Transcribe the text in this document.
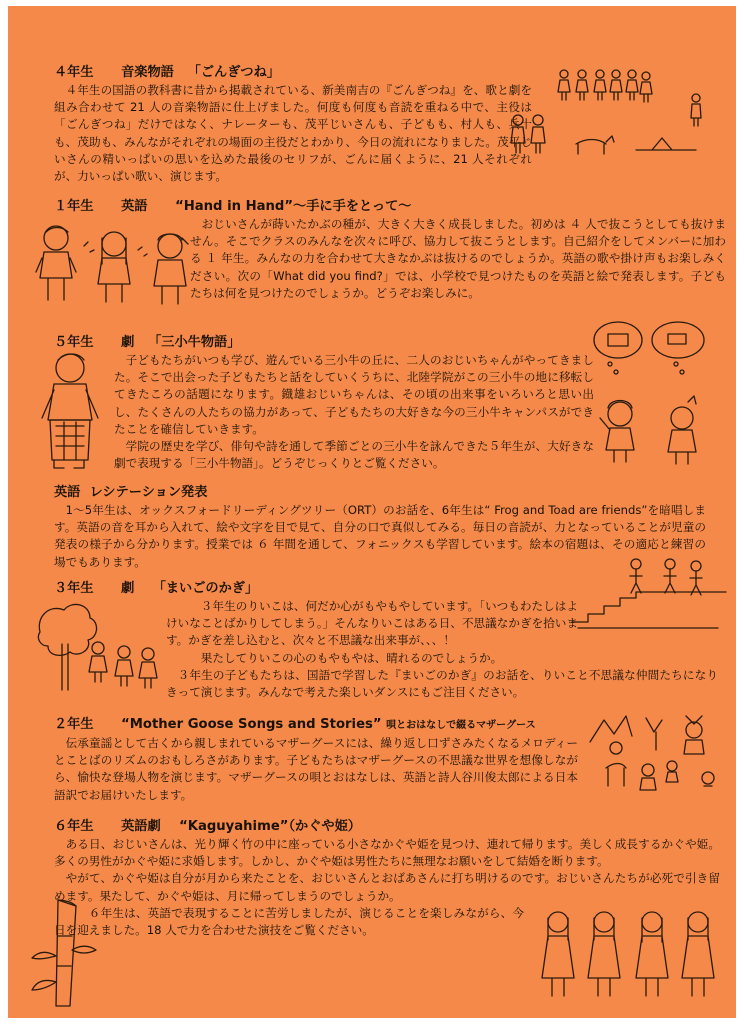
４年生 音楽物語 「ごんぎつね」

４年生の国語の教科書に昔から掲載されている、新美南吉の『ごんぎつね』を、歌と劇を組み合わせて 21 人の音楽物語に仕上げました。何度も何度も音読を重ねる中で、主役は「ごんぎつね」だけではなく、ナレーターも、茂平じいさんも、子どもも、村人も、兵十も、茂助も、みんながそれぞれの場面の主役だとわかり、今日の流れになりました。茂平じいさんの精いっぱいの思いを込めた最後のセリフが、ごんに届くように、21 人それぞれが、力いっぱい歌い、演じます。

１年生 英語 “Hand in Hand”～手に手をとって～

おじいさんが蒔いたかぶの種が、大きく大きく成長しました。初めは ４ 人で抜こうとしても抜けません。そこでクラスのみんなを次々に呼び、協力して抜こうとします。自己紹介をしてメンバーに加わる １ 年生。みんなの力を合わせて大きなかぶは抜けるのでしょうか。英語の歌や掛け声もお楽しみください。次の「What did you find?」では、小学校で見つけたものを英語と絵で発表します。子どもたちは何を見つけたのでしょうか。どうぞお楽しみに。

５年生 劇 「三小牛物語」

子どもたちがいつも学び、遊んでいる三小牛の丘に、二人のおじいちゃんがやってきました。そこで出会った子どもたちと話をしていくうちに、北陸学院がこの三小牛の地に移転してきたころの話題になります。鐡雄おじいちゃんは、その頃の出来事をいろいろと思い出し、たくさんの人たちの協力があって、子どもたちの大好きな今の三小牛キャンパスができたことを確信していきます。

学院の歴史を学び、俳句や詩を通して季節ごとの三小牛を詠んできた５年生が、大好きな劇で表現する「三小牛物語」。どうぞじっくりとご覧ください。

英語 レシテーション発表

1～5年生は、オックスフォードリーディングツリー（ORT）のお話を、6年生は“ Frog and Toad are friends”を暗唱します。英語の音を耳から入れて、絵や文字を目で見て、自分の口で真似してみる。毎日の音読が、力となっていることが児童の発表の様子から分かります。授業では ６ 年間を通して、フォニックスも学習しています。絵本の宿題は、その適応と練習の場でもあります。

３年生 劇 「まいごのかぎ」

３年生のりいこは、何だか心がもやもやしています。「いつもわたしはよけいなことばかりしてしまう。」そんなりいこはある日、不思議なかぎを拾います。かぎを差し込むと、次々と不思議な出来事が、、、！

果たしてりいこの心のもやもやは、晴れるのでしょうか。

３年生の子どもたちは、国語で学習した『まいごのかぎ』のお話を、りいこと不思議な仲間たちになりきって演じます。みんなで考えた楽しいダンスにもご注目ください。

２年生 “Mother Goose Songs and Stories” 唄とおはなしで綴るマザーグース

伝承童謡として古くから親しまれているマザーグースには、繰り返し口ずさみたくなるメロディーとことばのリズムのおもしろさがあります。子どもたちはマザーグースの不思議な世界を想像しながら、愉快な登場人物を演じます。マザーグースの唄とおはなしは、英語と詩人谷川俊太郎による日本語訳でお届けいたします。

６年生 英語劇 “Kaguyahime”（かぐや姫）

ある日、おじいさんは、光り輝く竹の中に座っている小さなかぐや姫を見つけ、連れて帰ります。美しく成長するかぐや姫。多くの男性がかぐや姫に求婚します。しかし、かぐや姫は男性たちに無理なお願いをして結婚を断ります。

やがて、かぐや姫は自分が月から来たことを、おじいさんとおばあさんに打ち明けるのです。おじいさんたちが必死で引き留めます。果たして、かぐや姫は、月に帰ってしまうのでしょうか。

６年生は、英語で表現することに苦労しましたが、演じることを楽しみながら、今日を迎えました。18 人で力を合わせた演技をご覧ください。
